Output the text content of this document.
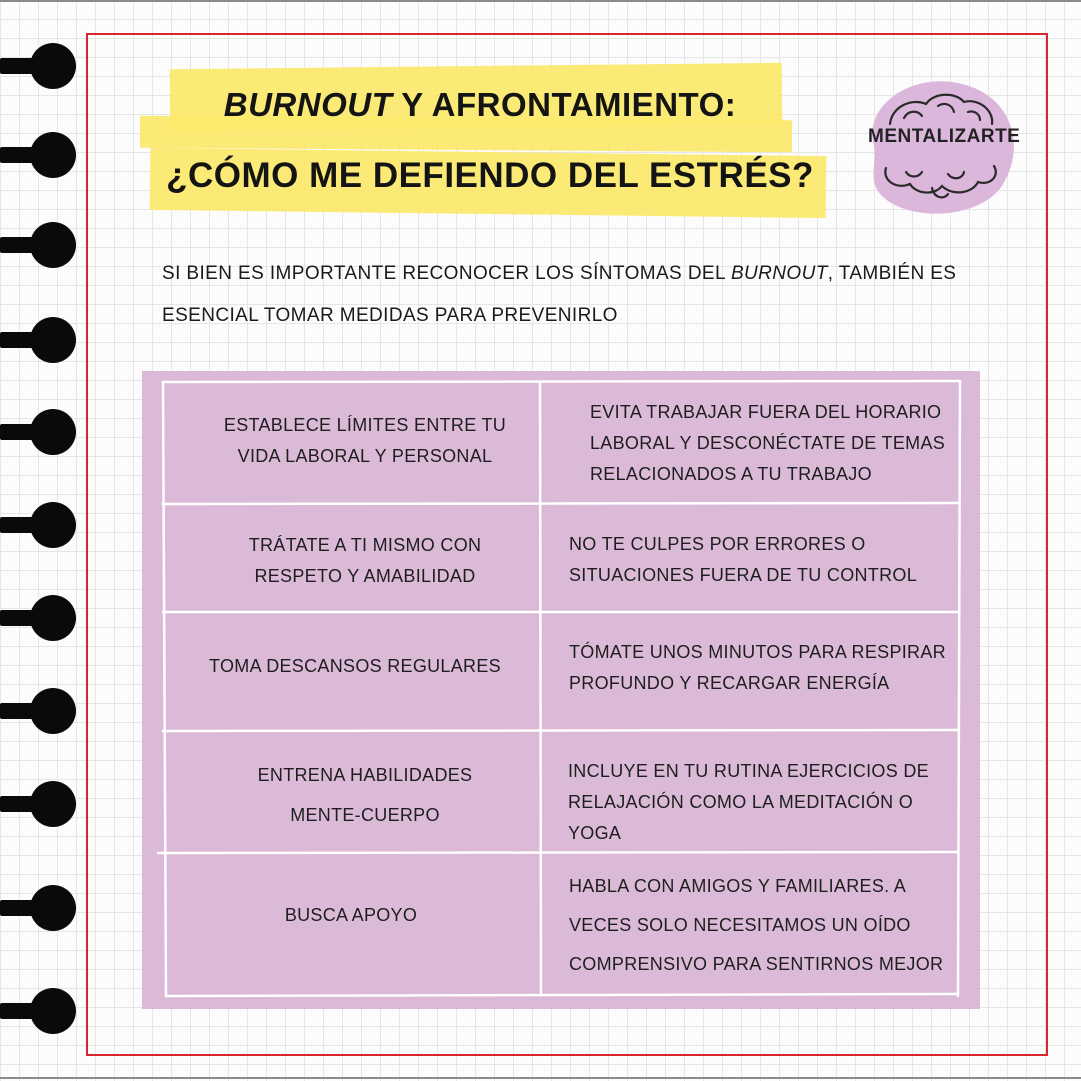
BURNOUT Y AFRONTAMIENTO:
¿CÓMO ME DEFIENDO DEL ESTRÉS?
MENTALIZARTE
SI BIEN ES IMPORTANTE RECONOCER LOS SÍNTOMAS DEL BURNOUT, TAMBIÉN ES
ESENCIAL TOMAR MEDIDAS PARA PREVENIRLO
ESTABLECE LÍMITES ENTRE TU
VIDA LABORAL Y PERSONAL
EVITA TRABAJAR FUERA DEL HORARIO
LABORAL Y DESCONÉCTATE DE TEMAS
RELACIONADOS A TU TRABAJO
TRÁTATE A TI MISMO CON
RESPETO Y AMABILIDAD
NO TE CULPES POR ERRORES O
SITUACIONES FUERA DE TU CONTROL
TOMA DESCANSOS REGULARES
TÓMATE UNOS MINUTOS PARA RESPIRAR
PROFUNDO Y RECARGAR ENERGÍA
ENTRENA HABILIDADES
MENTE-CUERPO
INCLUYE EN TU RUTINA EJERCICIOS DE
RELAJACIÓN COMO LA MEDITACIÓN O YOGA
BUSCA APOYO
HABLA CON AMIGOS Y FAMILIARES. A
VECES SOLO NECESITAMOS UN OÍDO
COMPRENSIVO PARA SENTIRNOS MEJOR
